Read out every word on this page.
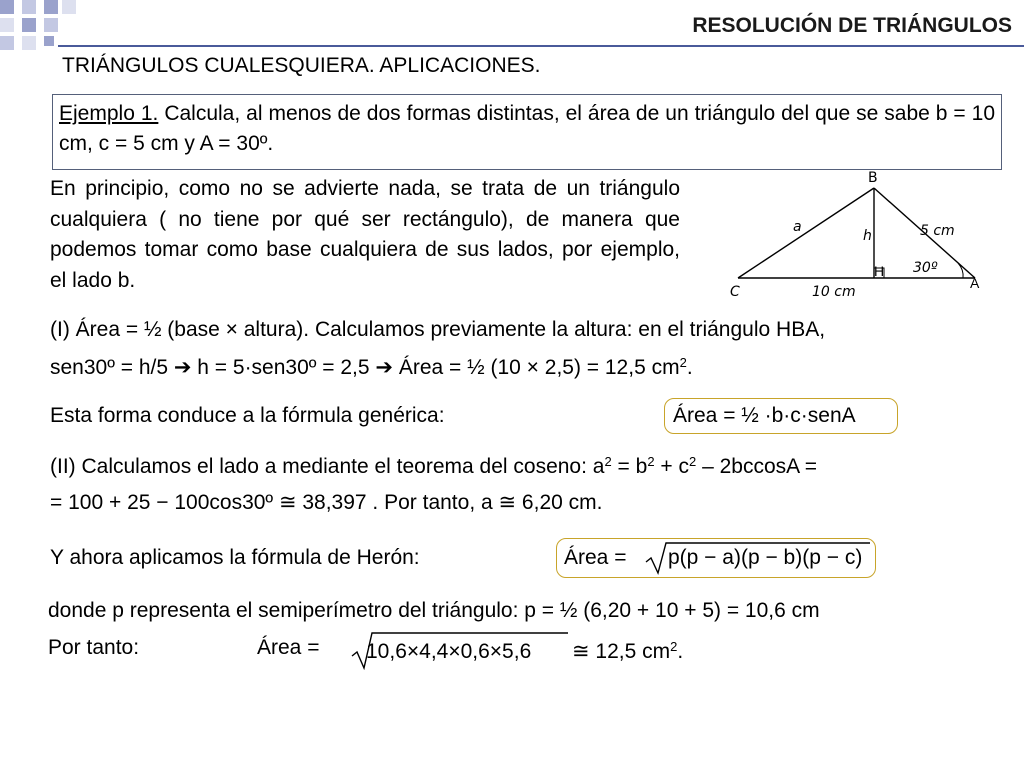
RESOLUCIÓN DE TRIÁNGULOS
TRIÁNGULOS CUALESQUIERA. APLICACIONES.
Ejemplo 1. Calcula, al menos de dos formas distintas, el área de un triángulo del que se sabe b = 10 cm, c = 5 cm y A = 30º.
En principio, como no se advierte nada, se trata de un triángulo cualquiera ( no tiene por qué ser rectángulo), de manera que podemos tomar como base cualquiera de sus lados, por ejemplo, el lado b.
B
A
C
H
a
h	5 cm
30º
10 cm
(I) Área = ½ (base × altura). Calculamos previamente la altura: en el triángulo HBA,
sen30º = h/5 ➔ h = 5·sen30º = 2,5 ➔ Área = ½ (10 × 2,5) = 12,5 $cm^2$.
Esta forma conduce a la fórmula genérica:	Área = ½ ·b·c·senA
(II) Calculamos el lado a mediante el teorema del coseno: $a^2 = b^2 + c^2 - 2bccosA$ =
= 100 + 25 − 100cos30º ≅ 38,397 . Por tanto, a ≅ 6,20 cm.
Y ahora aplicamos la fórmula de Herón:	Área = p(p − a)(p − b)(p − c)
donde p representa el semiperímetro del triángulo: p = ½ (6,20 + 10 + 5) = 10,6 cm
Por tanto:	Área = 10,6×4,4×0,6×5,6 ≅ 12,5 $cm^2$.
